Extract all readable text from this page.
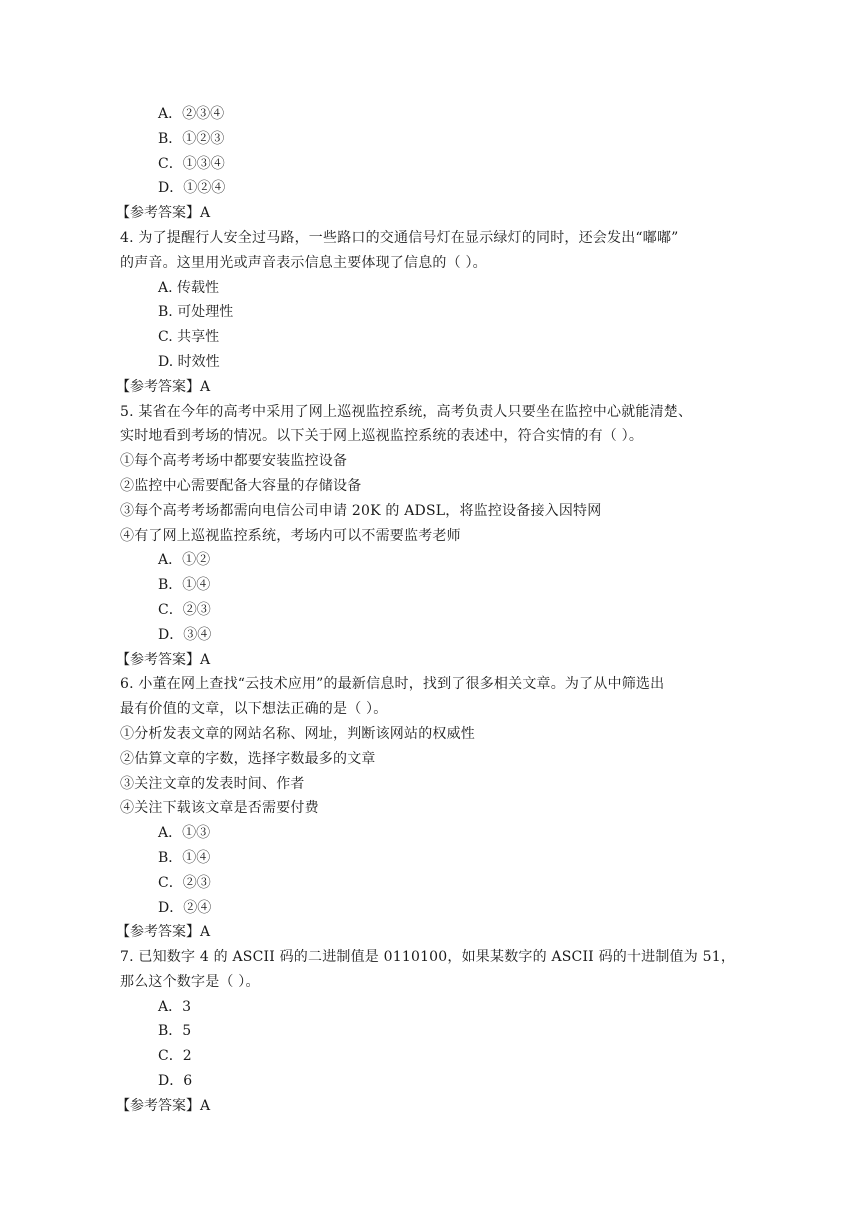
A．②③④
B．①②③
C．①③④
D．①②④
【参考答案】A
4. 为了提醒行人安全过马路，一些路口的交通信号灯在显示绿灯的同时，还会发出“嘟嘟”
的声音。这里用光或声音表示信息主要体现了信息的（ ）。
A. 传载性
B. 可处理性
C. 共享性
D. 时效性
【参考答案】A
5. 某省在今年的高考中采用了网上巡视监控系统，高考负责人只要坐在监控中心就能清楚、
实时地看到考场的情况。以下关于网上巡视监控系统的表述中，符合实情的有（ ）。
①每个高考考场中都要安装监控设备
②监控中心需要配备大容量的存储设备
③每个高考考场都需向电信公司申请 20K 的 ADSL，将监控设备接入因特网
④有了网上巡视监控系统，考场内可以不需要监考老师
A．①②
B．①④
C．②③
D．③④
【参考答案】A
6. 小董在网上查找“云技术应用”的最新信息时，找到了很多相关文章。为了从中筛选出
最有价值的文章，以下想法正确的是（ ）。
①分析发表文章的网站名称、网址，判断该网站的权威性
②估算文章的字数，选择字数最多的文章
③关注文章的发表时间、作者
④关注下载该文章是否需要付费
A．①③
B．①④
C．②③
D．②④
【参考答案】A
7. 已知数字 4 的 ASCII 码的二进制值是 0110100，如果某数字的 ASCII 码的十进制值为 51，
那么这个数字是（ ）。
A．3
B．5
C．2
D．6
【参考答案】A
